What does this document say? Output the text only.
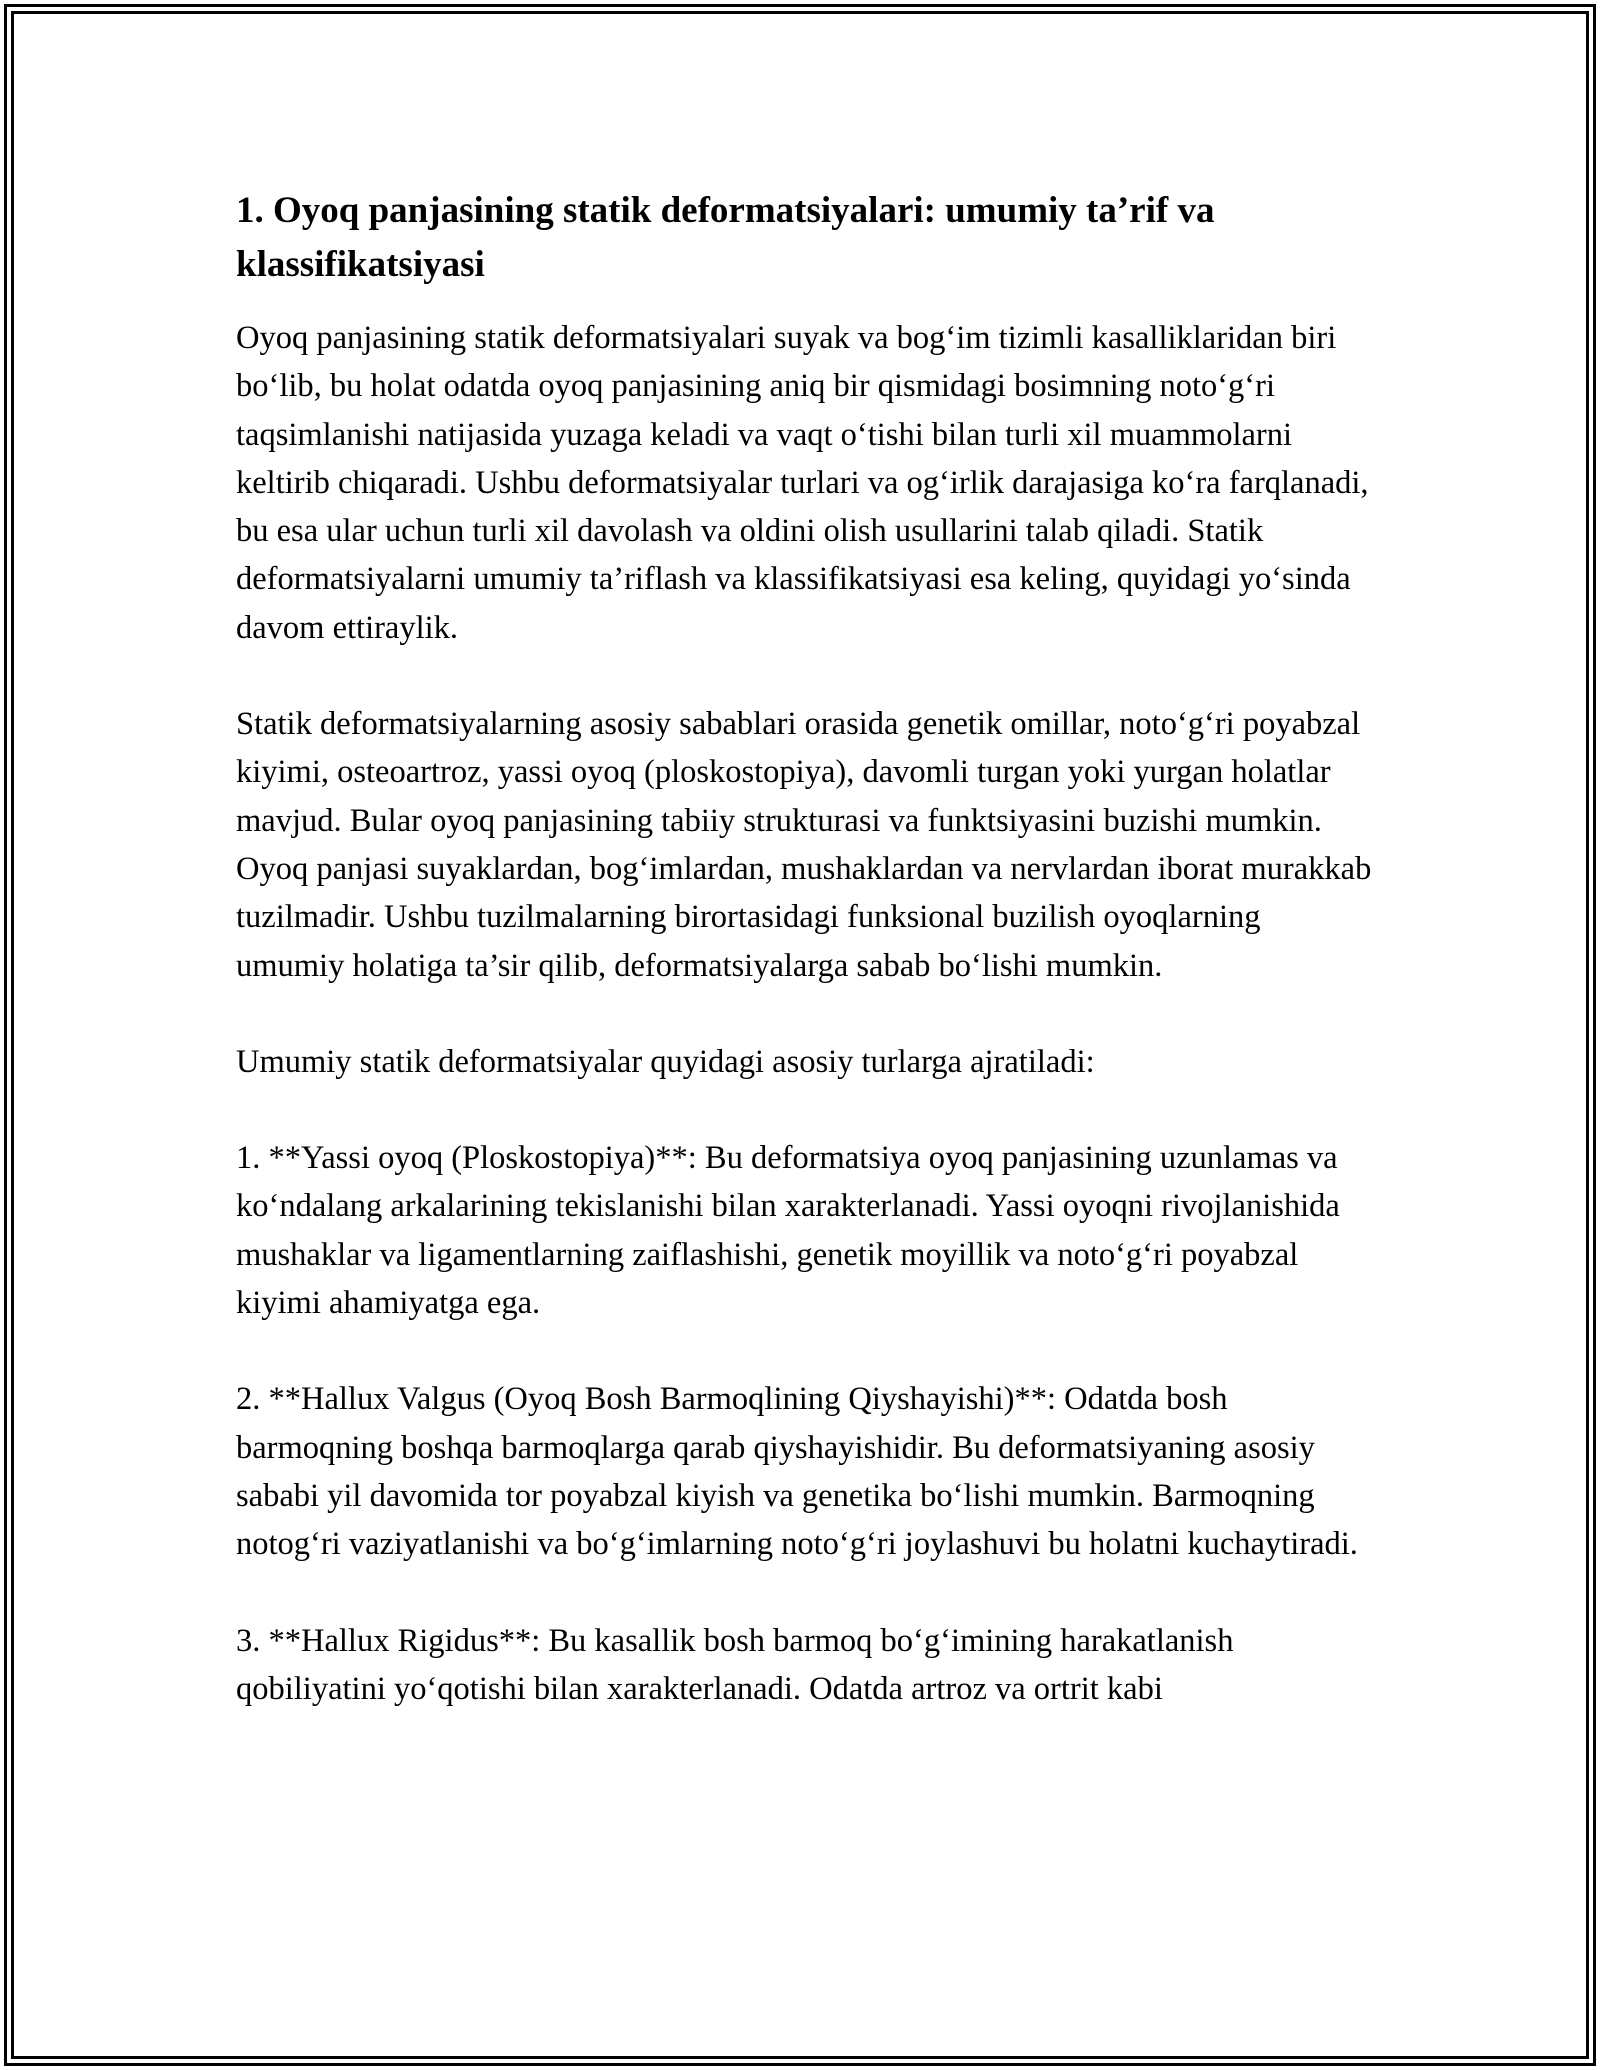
1. Oyoq panjasining statik deformatsiyalari: umumiy ta’rif va klassifikatsiyasi

Oyoq panjasining statik deformatsiyalari suyak va bog‘im tizimli kasalliklaridan biri bo‘lib, bu holat odatda oyoq panjasining aniq bir qismidagi bosimning noto‘g‘ri taqsimlanishi natijasida yuzaga keladi va vaqt o‘tishi bilan turli xil muammolarni keltirib chiqaradi. Ushbu deformatsiyalar turlari va og‘irlik darajasiga ko‘ra farqlanadi, bu esa ular uchun turli xil davolash va oldini olish usullarini talab qiladi. Statik deformatsiyalarni umumiy ta’riflash va klassifikatsiyasi esa keling, quyidagi yo‘sinda davom ettiraylik.

Statik deformatsiyalarning asosiy sabablari orasida genetik omillar, noto‘g‘ri poyabzal kiyimi, osteoartroz, yassi oyoq (ploskostopiya), davomli turgan yoki yurgan holatlar mavjud. Bular oyoq panjasining tabiiy strukturasi va funktsiyasini buzishi mumkin. Oyoq panjasi suyaklardan, bog‘imlardan, mushaklardan va nervlardan iborat murakkab tuzilmadir. Ushbu tuzilmalarning birortasidagi funksional buzilish oyoqlarning umumiy holatiga ta’sir qilib, deformatsiyalarga sabab bo‘lishi mumkin.

Umumiy statik deformatsiyalar quyidagi asosiy turlarga ajratiladi:

1. **Yassi oyoq (Ploskostopiya)**: Bu deformatsiya oyoq panjasining uzunlamas va ko‘ndalang arkalarining tekislanishi bilan xarakterlanadi. Yassi oyoqni rivojlanishida mushaklar va ligamentlarning zaiflashishi, genetik moyillik va noto‘g‘ri poyabzal kiyimi ahamiyatga ega.

2. **Hallux Valgus (Oyoq Bosh Barmoqlining Qiyshayishi)**: Odatda bosh barmoqning boshqa barmoqlarga qarab qiyshayishidir. Bu deformatsiyaning asosiy sababi yil davomida tor poyabzal kiyish va genetika bo‘lishi mumkin. Barmoqning notog‘ri vaziyatlanishi va bo‘g‘imlarning noto‘g‘ri joylashuvi bu holatni kuchaytiradi.

3. **Hallux Rigidus**: Bu kasallik bosh barmoq bo‘g‘imining harakatlanish qobiliyatini yo‘qotishi bilan xarakterlanadi. Odatda artroz va ortrit kabi
